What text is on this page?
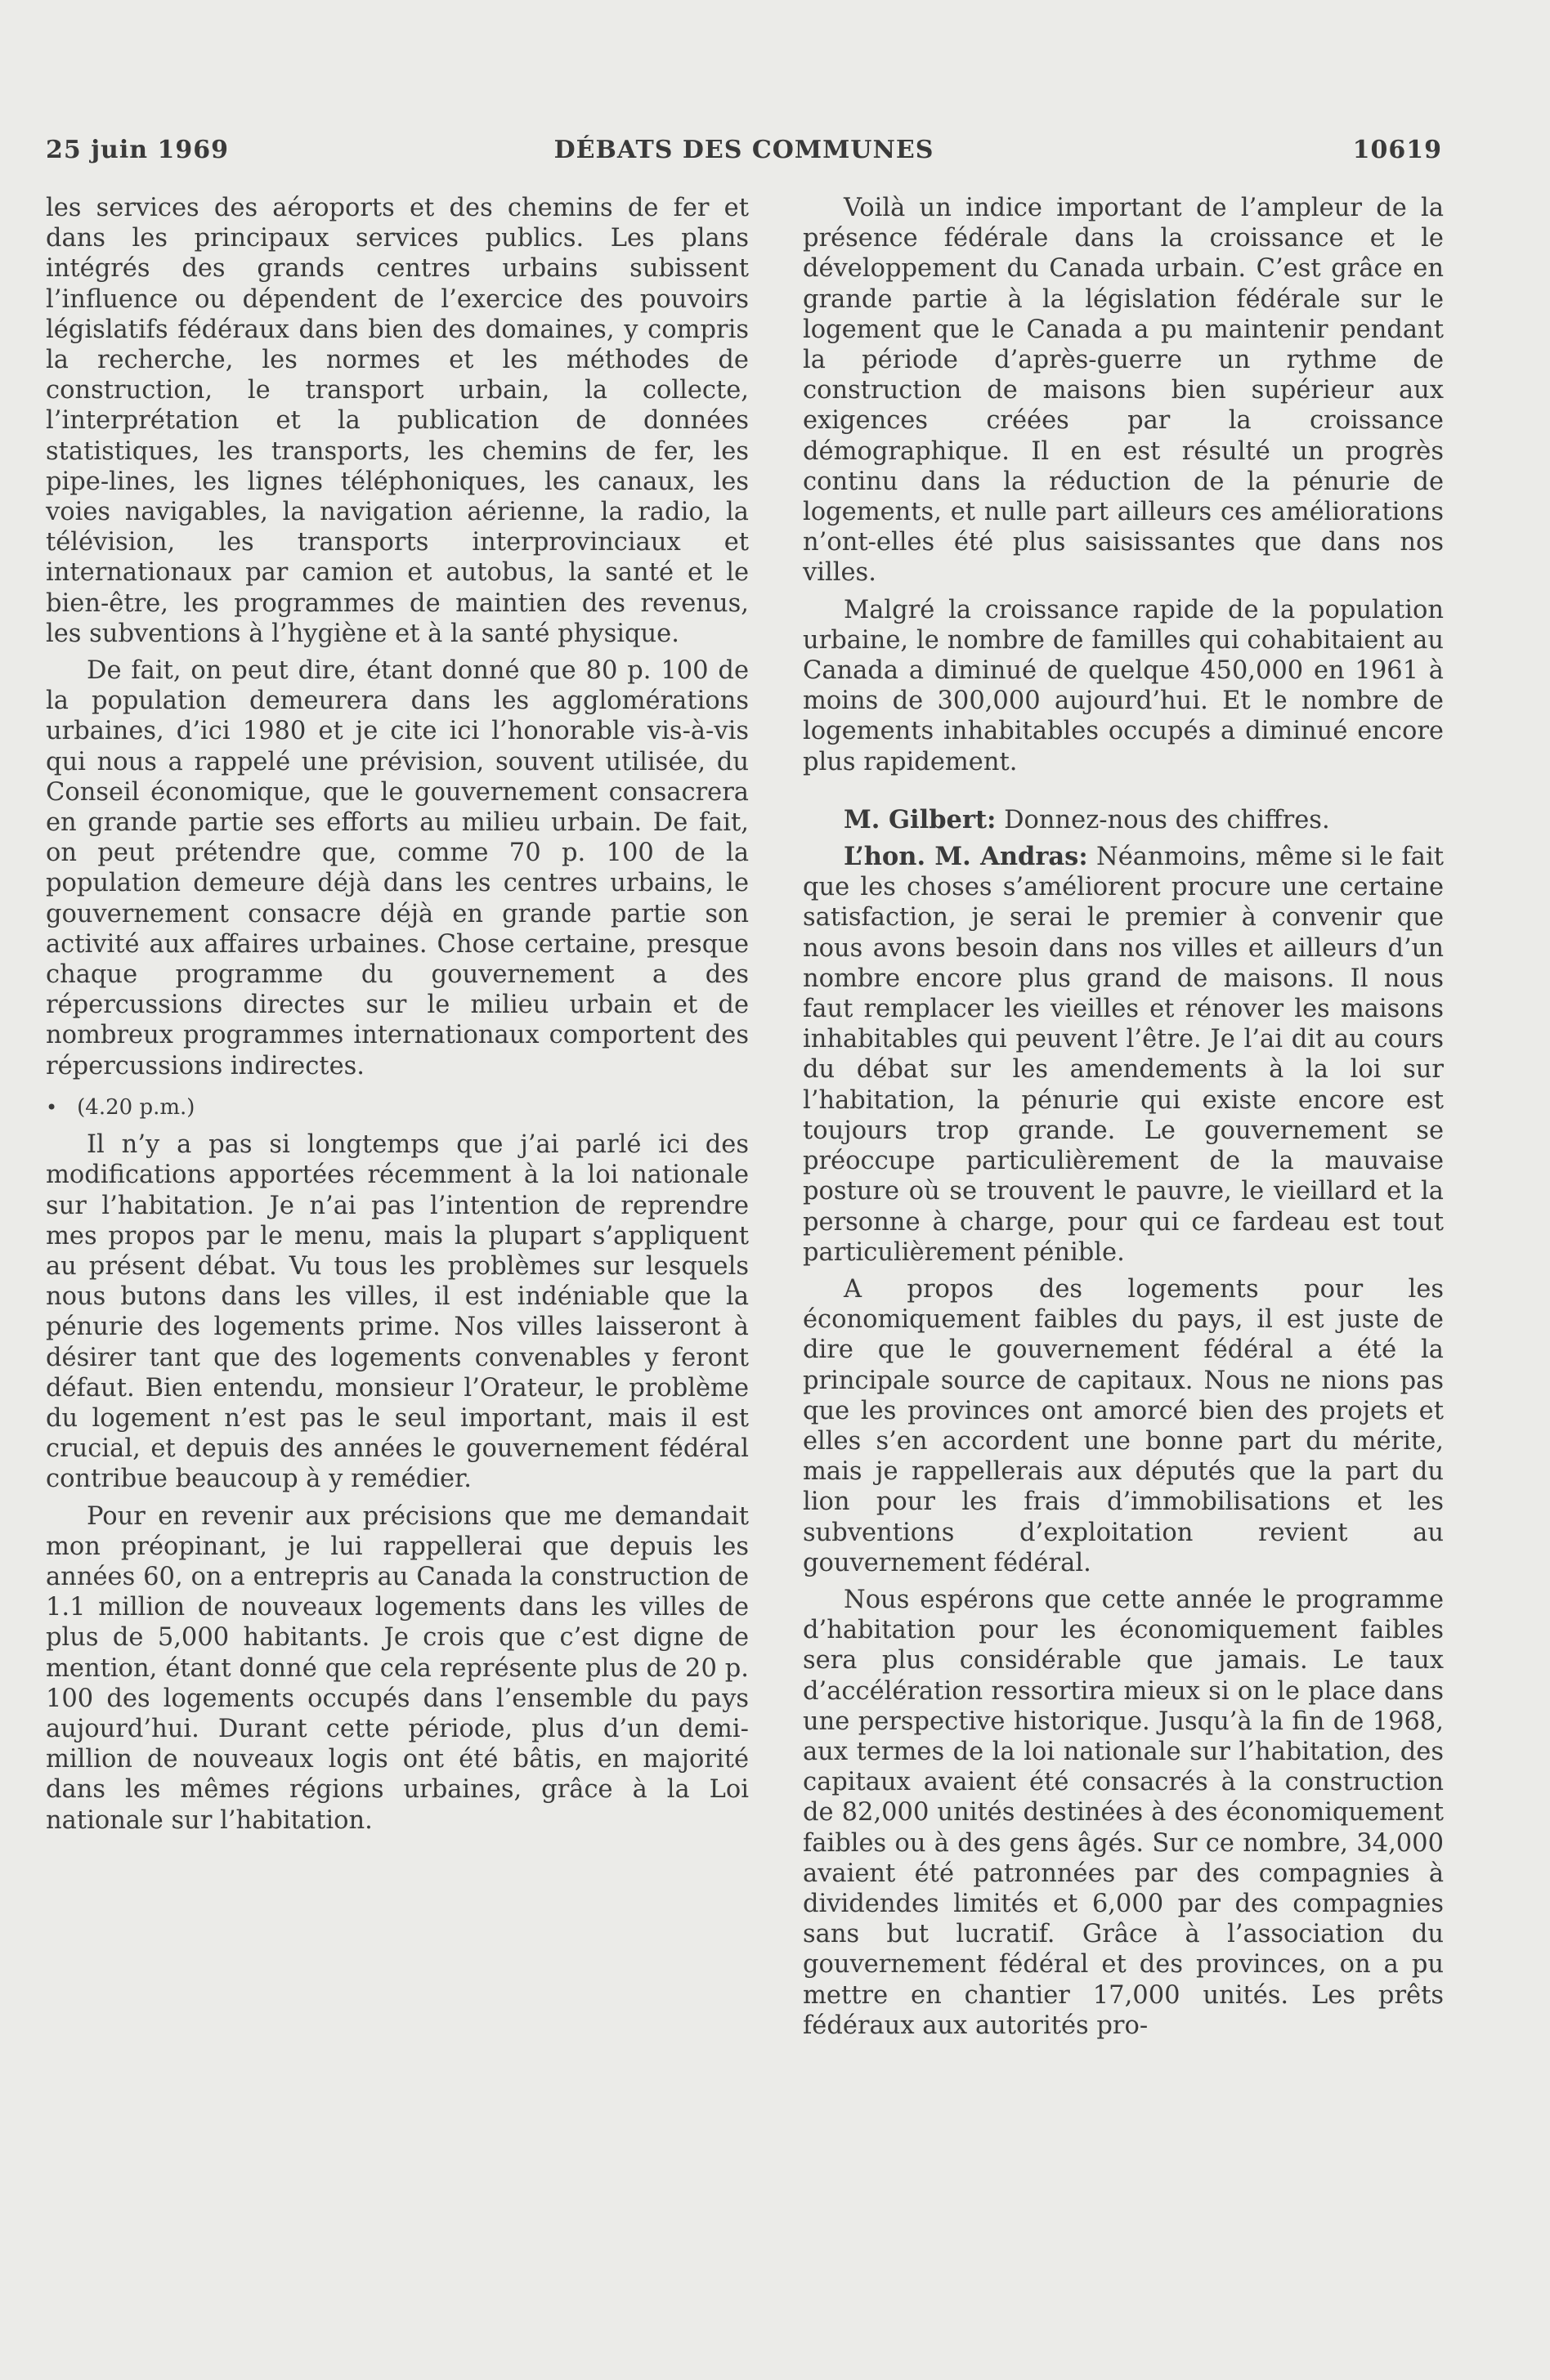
25 juin 1969	DÉBATS DES COMMUNES	10619

les services des aéroports et des chemins de fer et dans les principaux services publics. Les plans intégrés des grands centres urbains subissent l’influence ou dépendent de l’exercice des pouvoirs législatifs fédéraux dans bien des domaines, y compris la recherche, les normes et les méthodes de construction, le transport urbain, la collecte, l’interprétation et la publication de données statistiques, les transports, les chemins de fer, les pipe-lines, les lignes téléphoniques, les canaux, les voies navigables, la navigation aérienne, la radio, la télévision, les transports interprovinciaux et internationaux par camion et autobus, la santé et le bien-être, les programmes de maintien des revenus, les subventions à l’hygiène et à la santé physique.

De fait, on peut dire, étant donné que 80 p. 100 de la population demeurera dans les agglomérations urbaines, d’ici 1980 et je cite ici l’honorable vis-à-vis qui nous a rappelé une prévision, souvent utilisée, du Conseil économique, que le gouvernement consacrera en grande partie ses efforts au milieu urbain. De fait, on peut prétendre que, comme 70 p. 100 de la population demeure déjà dans les centres urbains, le gouvernement consacre déjà en grande partie son activité aux affaires urbaines. Chose certaine, presque chaque programme du gouvernement a des répercussions directes sur le milieu urbain et de nombreux programmes internationaux comportent des répercussions indirectes.

• (4.20 p.m.)

Il n’y a pas si longtemps que j’ai parlé ici des modifications apportées récemment à la loi nationale sur l’habitation. Je n’ai pas l’intention de reprendre mes propos par le menu, mais la plupart s’appliquent au présent débat. Vu tous les problèmes sur lesquels nous butons dans les villes, il est indéniable que la pénurie des logements prime. Nos villes laisseront à désirer tant que des logements convenables y feront défaut. Bien entendu, monsieur l’Orateur, le problème du logement n’est pas le seul important, mais il est crucial, et depuis des années le gouvernement fédéral contribue beaucoup à y remédier.

Pour en revenir aux précisions que me demandait mon préopinant, je lui rappellerai que depuis les années 60, on a entrepris au Canada la construction de 1.1 million de nouveaux logements dans les villes de plus de 5,000 habitants. Je crois que c’est digne de mention, étant donné que cela représente plus de 20 p. 100 des logements occupés dans l’ensemble du pays aujourd’hui. Durant cette période, plus d’un demi-million de nouveaux logis ont été bâtis, en majorité dans les mêmes régions urbaines, grâce à la Loi nationale sur l’habitation.

Voilà un indice important de l’ampleur de la présence fédérale dans la croissance et le développement du Canada urbain. C’est grâce en grande partie à la législation fédérale sur le logement que le Canada a pu maintenir pendant la période d’après-guerre un rythme de construction de maisons bien supérieur aux exigences créées par la croissance démographique. Il en est résulté un progrès continu dans la réduction de la pénurie de logements, et nulle part ailleurs ces améliorations n’ont-elles été plus saisissantes que dans nos villes.

Malgré la croissance rapide de la population urbaine, le nombre de familles qui cohabitaient au Canada a diminué de quelque 450,000 en 1961 à moins de 300,000 aujourd’hui. Et le nombre de logements inhabitables occupés a diminué encore plus rapidement.

M. Gilbert: Donnez-nous des chiffres.

L’hon. M. Andras: Néanmoins, même si le fait que les choses s’améliorent procure une certaine satisfaction, je serai le premier à convenir que nous avons besoin dans nos villes et ailleurs d’un nombre encore plus grand de maisons. Il nous faut remplacer les vieilles et rénover les maisons inhabitables qui peuvent l’être. Je l’ai dit au cours du débat sur les amendements à la loi sur l’habitation, la pénurie qui existe encore est toujours trop grande. Le gouvernement se préoccupe particulièrement de la mauvaise posture où se trouvent le pauvre, le vieillard et la personne à charge, pour qui ce fardeau est tout particulièrement pénible.

A propos des logements pour les économiquement faibles du pays, il est juste de dire que le gouvernement fédéral a été la principale source de capitaux. Nous ne nions pas que les provinces ont amorcé bien des projets et elles s’en accordent une bonne part du mérite, mais je rappellerais aux députés que la part du lion pour les frais d’immobilisations et les subventions d’exploitation revient au gouvernement fédéral.

Nous espérons que cette année le programme d’habitation pour les économiquement faibles sera plus considérable que jamais. Le taux d’accélération ressortira mieux si on le place dans une perspective historique. Jusqu’à la fin de 1968, aux termes de la loi nationale sur l’habitation, des capitaux avaient été consacrés à la construction de 82,000 unités destinées à des économiquement faibles ou à des gens âgés. Sur ce nombre, 34,000 avaient été patronnées par des compagnies à dividendes limités et 6,000 par des compagnies sans but lucratif. Grâce à l’association du gouvernement fédéral et des provinces, on a pu mettre en chantier 17,000 unités. Les prêts fédéraux aux autorités pro-
